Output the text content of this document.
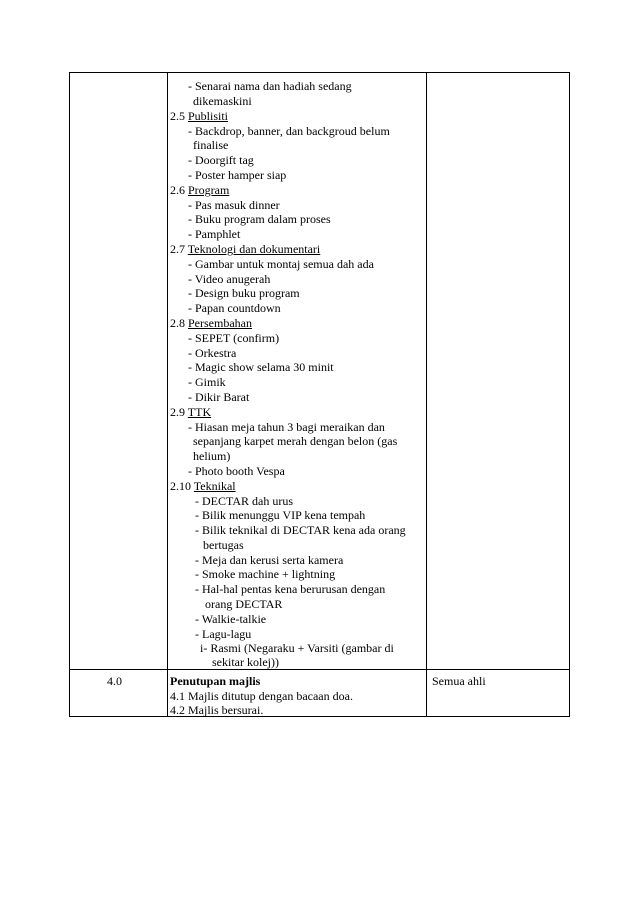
- Senarai nama dan hadiah sedang
dikemaskini
2.5 Publisiti
- Backdrop, banner, dan backgroud belum
finalise
- Doorgift tag
- Poster hamper siap
2.6 Program
- Pas masuk dinner
- Buku program dalam proses
- Pamphlet
2.7 Teknologi dan dokumentari
- Gambar untuk montaj semua dah ada
- Video anugerah
- Design buku program
- Papan countdown
2.8 Persembahan
- SEPET (confirm)
- Orkestra
- Magic show selama 30 minit
- Gimik
- Dikir Barat
2.9 TTK
- Hiasan meja tahun 3 bagi meraikan dan
sepanjang karpet merah dengan belon (gas
helium)
- Photo booth Vespa
2.10 Teknikal
- DECTAR dah urus
- Bilik menunggu VIP kena tempah
- Bilik teknikal di DECTAR kena ada orang
bertugas
- Meja dan kerusi serta kamera
- Smoke machine + lightning
- Hal-hal pentas kena berurusan dengan
orang DECTAR
- Walkie-talkie
- Lagu-lagu
i- Rasmi (Negaraku + Varsiti (gambar di
sekitar kolej))
4.0	Penutupan majlis
4.1 Majlis ditutup dengan bacaan doa.
4.2 Majlis bersurai.
Semua ahli
